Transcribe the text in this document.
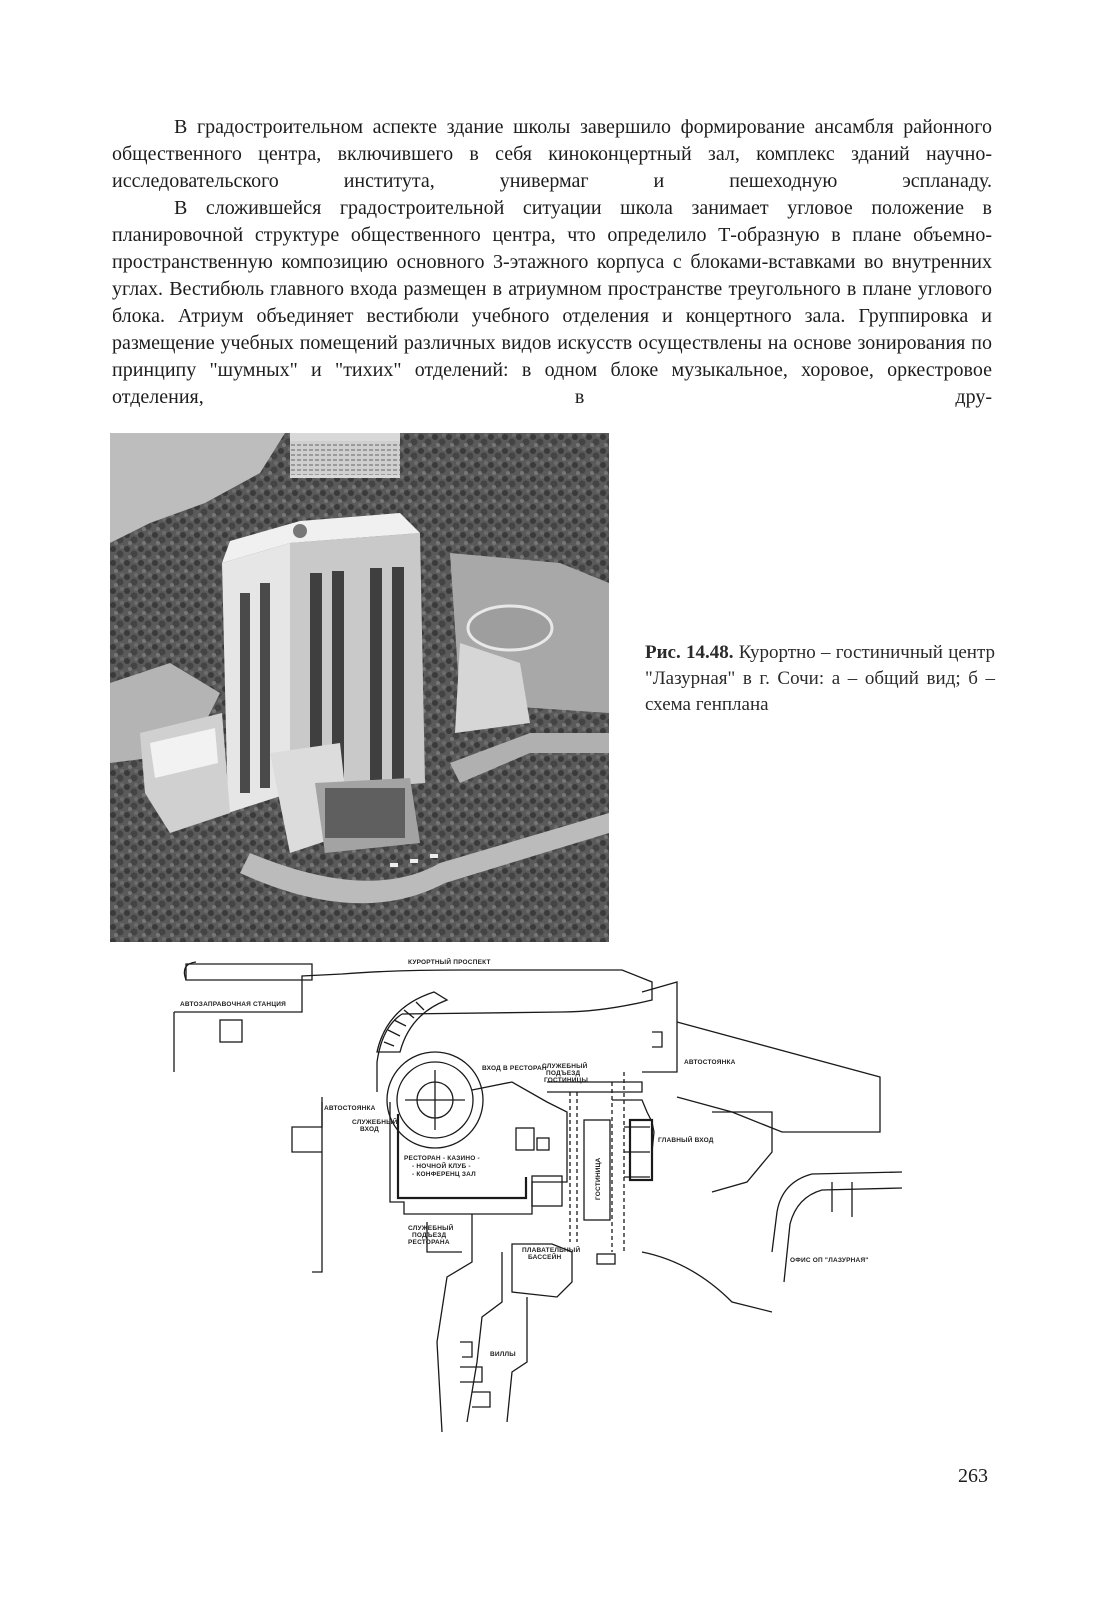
В градостроительном аспекте здание школы завершило формирование ансамбля районного общественного центра, включившего в себя киноконцертный зал, комплекс зданий научно-исследовательского института, универмаг и пешеходную эспланаду.

В сложившейся градостроительной ситуации школа занимает угловое положение в планировочной структуре общественного центра, что определило Т-образную в плане объемно-пространственную композицию основного 3-этажного корпуса с блоками-вставками во внутренних углах. Вестибюль главного входа размещен в атриумном пространстве треугольного в плане углового блока. Атриум объединяет вестибюли учебного отделения и концертного зала. Группировка и размещение учебных помещений различных видов искусств осуществлены на основе зонирования по принципу "шумных" и "тихих" отделений: в одном блоке музыкальное, хоровое, оркестровое отделения, в дру-

Рис. 14.48. Курортно – гостиничный центр "Лазурная" в г. Сочи: а – общий вид; б – схема генплана

КУРОРТНЫЙ ПРОСПЕКТ
АВТОЗАПРАВОЧНАЯ СТАНЦИЯ
АВТОСТОЯНКА
АВТОСТОЯНКА
ВХОД В РЕСТОРАН
СЛУЖЕБНЫЙ
ПОДЪЕЗД
ГОСТИНИЦЫ
СЛУЖЕБНЫЙ
ВХОД
РЕСТОРАН - КАЗИНО -
- НОЧНОЙ КЛУБ -
- КОНФЕРЕНЦ ЗАЛ	ГОСТИНИЦА
ГЛАВНЫЙ ВХОД
СЛУЖЕБНЫЙ
ПОДЪЕЗД
РЕСТОРАНА
ПЛАВАТЕЛЬНЫЙ
БАССЕЙН
ВИЛЛЫ
ОФИС ОП "ЛАЗУРНАЯ"
263
